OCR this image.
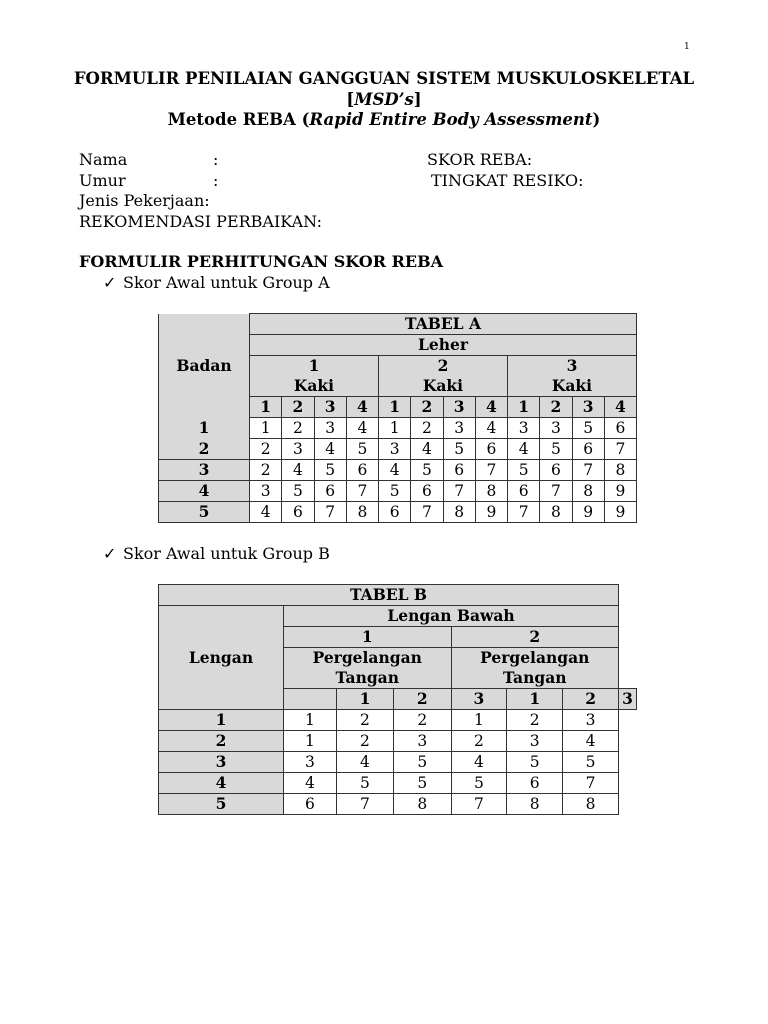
1
FORMULIR PENILAIAN GANGGUAN SISTEM MUSKULOSKELETAL
[MSD’s]
Metode REBA (Rapid Entire Body Assessment)
Nama	:	SKOR REBA:
Umur	:	TINGKAT RESIKO:
Jenis Pekerjaan:
REKOMENDASI PERBAIKAN:
FORMULIR PERHITUNGAN SKOR REBA
✓ Skor Awal untuk Group A
	TABEL A											
Badan	Leher											
	1				2				3			
	Kaki				Kaki				Kaki			
	1	2	3	4	1	2	3	4	1	2	3	4
1	1	2	3	4	1	2	3	4	3	3	5	6
2	2	3	4	5	3	4	5	6	4	5	6	7
3	2	4	5	6	4	5	6	7	5	6	7	8
4	3	5	6	7	5	6	7	8	6	7	8	9
5	4	6	7	8	6	7	8	9	7	8	9	9
✓ Skor Awal untuk Group B
TABEL B							
Lengan	Lengan Bawah						
	1			2			
	Pergelangan			Pergelangan			
	Tangan			Tangan			
		1	2	3	1	2	3
1	1	2	2	1	2	3	
2	1	2	3	2	3	4	
3	3	4	5	4	5	5	
4	4	5	5	5	6	7	
5	6	7	8	7	8	8	
